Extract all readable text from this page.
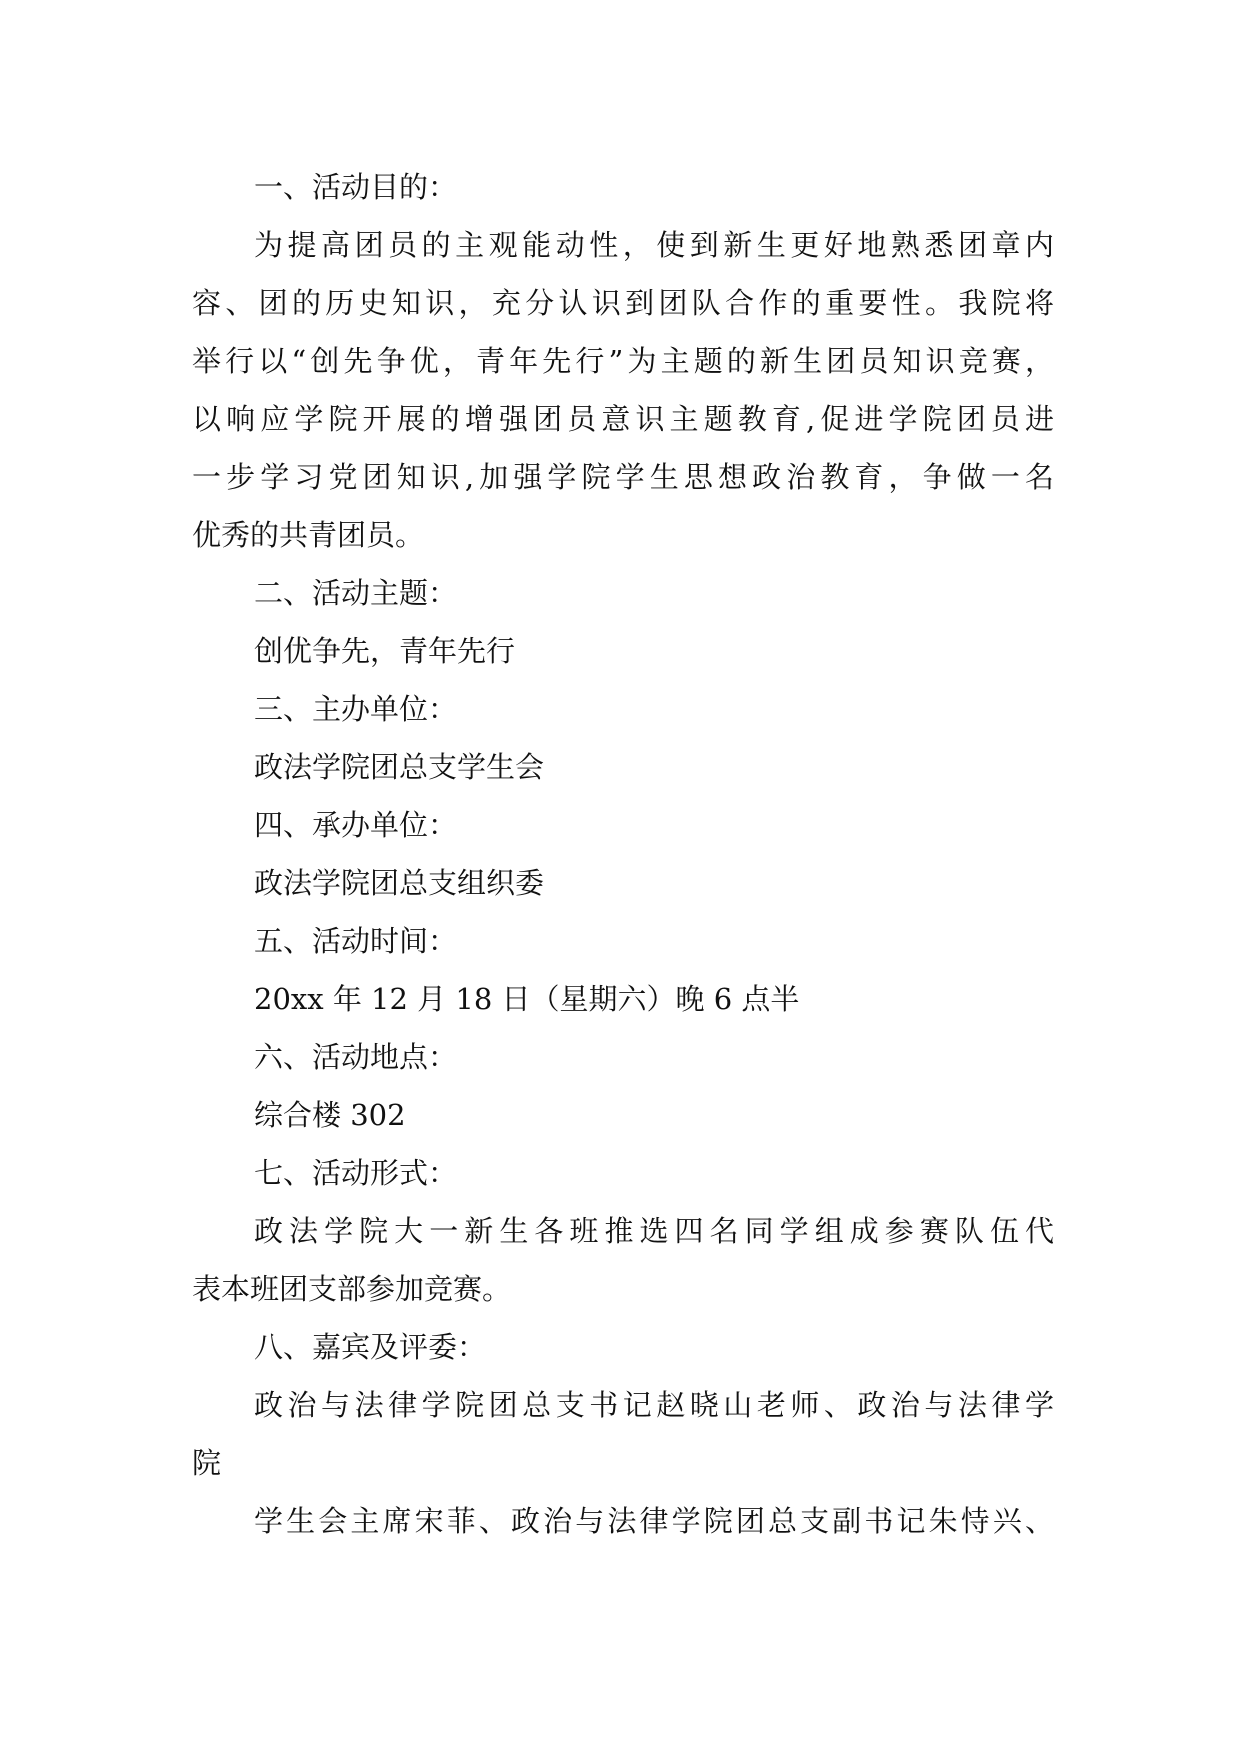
一、活动目的：
为提高团员的主观能动性，使到新生更好地熟悉团章内
容、团的历史知识，充分认识到团队合作的重要性。我院将
举行以“创先争优，青年先行”为主题的新生团员知识竞赛，
以响应学院开展的增强团员意识主题教育,促进学院团员进
一步学习党团知识,加强学院学生思想政治教育，争做一名
优秀的共青团员。
二、活动主题：
创优争先，青年先行
三、主办单位：
政法学院团总支学生会
四、承办单位：
政法学院团总支组织委
五、活动时间：
20xx 年 12 月 18 日（星期六）晚 6 点半
六、活动地点：
综合楼 302
七、活动形式：
政法学院大一新生各班推选四名同学组成参赛队伍代
表本班团支部参加竞赛。
八、嘉宾及评委：
政治与法律学院团总支书记赵晓山老师、政治与法律学
院
学生会主席宋菲、政治与法律学院团总支副书记朱恃兴、
